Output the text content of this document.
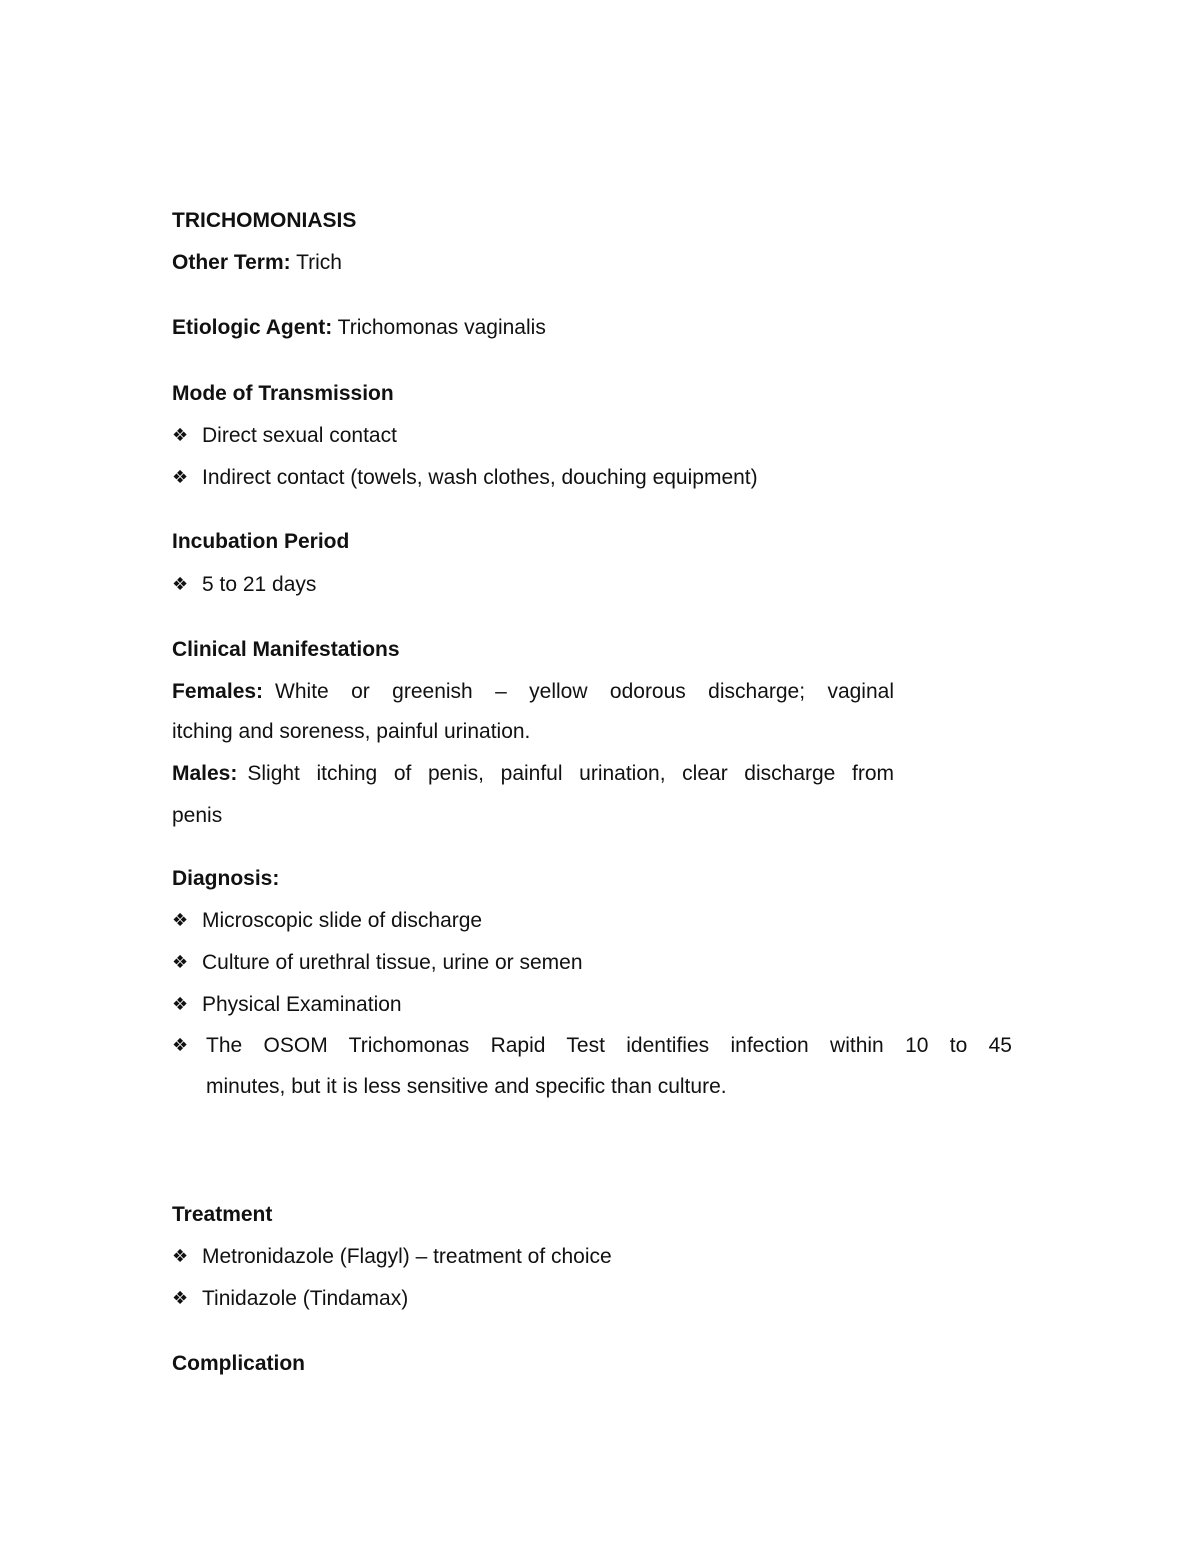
TRICHOMONIASIS
Other Term: Trich
Etiologic Agent: Trichomonas vaginalis
Mode of Transmission
❖ Direct sexual contact
❖ Indirect contact (towels, wash clothes, douching equipment)
Incubation Period
❖ 5 to 21 days
Clinical Manifestations
Females: White or greenish – yellow odorous discharge; vaginal
itching and soreness, painful urination.
Males: Slight itching of penis, painful urination, clear discharge from
penis
Diagnosis:
❖ Microscopic slide of discharge
❖ Culture of urethral tissue, urine or semen
❖ Physical Examination
❖ The OSOM Trichomonas Rapid Test identifies infection within 10 to 45
minutes, but it is less sensitive and specific than culture.
Treatment
❖ Metronidazole (Flagyl) – treatment of choice
❖ Tinidazole (Tindamax)
Complication
